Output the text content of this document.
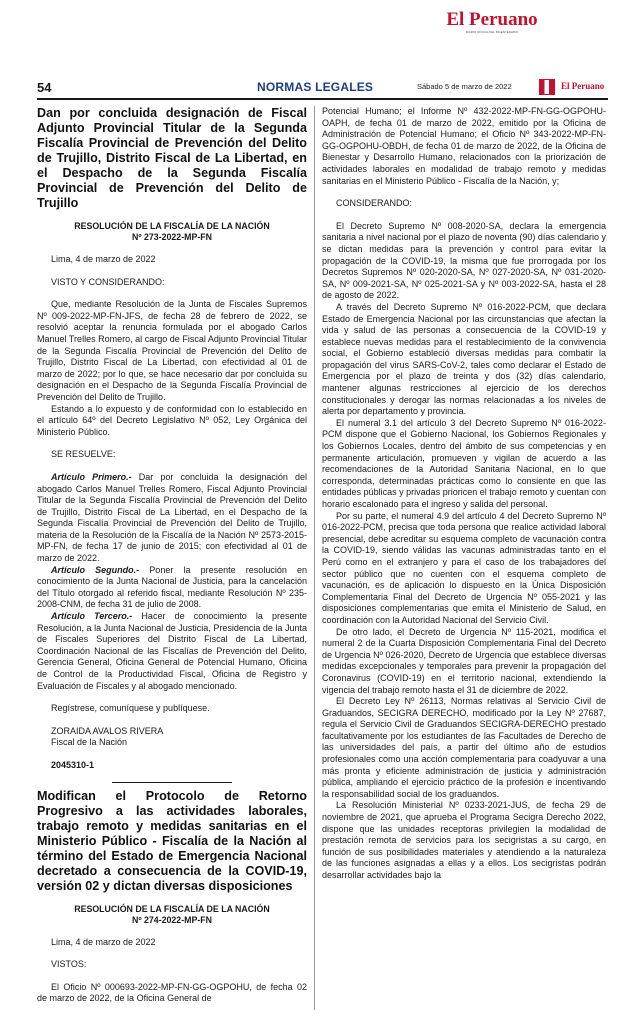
El Peruano
DIARIO OFICIAL DEL BICENTENARIO
54	NORMAS LEGALES	Sábado 5 de marzo de 2022	El Peruano
Dan por concluida designación de Fiscal Adjunto Provincial Titular de la Segunda Fiscalía Provincial de Prevención del Delito de Trujillo, Distrito Fiscal de La Libertad, en el Despacho de la Segunda Fiscalía Provincial de Prevención del Delito de Trujillo
RESOLUCIÓN DE LA FISCALÍA DE LA NACIÓN
Nº 273-2022-MP-FN

Lima, 4 de marzo de 2022

VISTO Y CONSIDERANDO:

Que, mediante Resolución de la Junta de Fiscales Supremos Nº 009-2022-MP-FN-JFS, de fecha 28 de febrero de 2022, se resolvió aceptar la renuncia formulada por el abogado Carlos Manuel Trelles Romero, al cargo de Fiscal Adjunto Provincial Titular de la Segunda Fiscalía Provincial de Prevención del Delito de Trujillo, Distrito Fiscal de La Libertad, con efectividad al 01 de marzo de 2022; por lo que, se hace necesario dar por concluida su designación en el Despacho de la Segunda Fiscalía Provincial de Prevención del Delito de Trujillo.

Estando a lo expuesto y de conformidad con lo establecido en el artículo 64º del Decreto Legislativo Nº 052, Ley Orgánica del Ministerio Público.

SE RESUELVE:

Artículo Primero.- Dar por concluida la designación del abogado Carlos Manuel Trelles Romero, Fiscal Adjunto Provincial Titular de la Segunda Fiscalía Provincial de Prevención del Delito de Trujillo, Distrito Fiscal de La Libertad, en el Despacho de la Segunda Fiscalía Provincial de Prevención del Delito de Trujillo, materia de la Resolución de la Fiscalía de la Nación Nº 2573-2015-MP-FN, de fecha 17 de junio de 2015; con efectividad al 01 de marzo de 2022.

Artículo Segundo.- Poner la presente resolución en conocimiento de la Junta Nacional de Justicia, para la cancelación del Título otorgado al referido fiscal, mediante Resolución Nº 235-2008-CNM, de fecha 31 de julio de 2008.

Artículo Tercero.- Hacer de conocimiento la presente Resolución, a la Junta Nacional de Justicia, Presidencia de la Junta de Fiscales Superiores del Distrito Fiscal de La Libertad, Coordinación Nacional de las Fiscalías de Prevención del Delito, Gerencia General, Oficina General de Potencial Humano, Oficina de Control de la Productividad Fiscal, Oficina de Registro y Evaluación de Fiscales y al abogado mencionado.

Regístrese, comuníquese y publíquese.

ZORAIDA AVALOS RIVERA

Fiscal de la Nación

2045310-1

Modifican el Protocolo de Retorno Progresivo a las actividades laborales, trabajo remoto y medidas sanitarias en el Ministerio Público - Fiscalía de la Nación al término del Estado de Emergencia Nacional decretado a consecuencia de la COVID-19, versión 02 y dictan diversas disposiciones
RESOLUCIÓN DE LA FISCALÍA DE LA NACIÓN
Nº 274-2022-MP-FN

Lima, 4 de marzo de 2022

VISTOS:

El Oficio Nº 000693-2022-MP-FN-GG-OGPOHU, de fecha 02 de marzo de 2022, de la Oficina General de

Potencial Humano; el Informe Nº 432-2022-MP-FN-GG-OGPOHU-OAPH, de fecha 01 de marzo de 2022, emitido por la Oficina de Administración de Potencial Humano; el Oficio Nº 343-2022-MP-FN-GG-OGPOHU-OBDH, de fecha 01 de marzo de 2022, de la Oficina de Bienestar y Desarrollo Humano, relacionados con la priorización de actividades laborales en modalidad de trabajo remoto y medidas sanitarias en el Ministerio Público - Fiscalía de la Nación, y;

CONSIDERANDO:

El Decreto Supremo Nº 008-2020-SA, declara la emergencia sanitaria a nivel nacional por el plazo de noventa (90) días calendario y se dictan medidas para la prevención y control para evitar la propagación de la COVID-19, la misma que fue prorrogada por los Decretos Supremos Nº 020-2020-SA, Nº 027-2020-SA, Nº 031-2020-SA, Nº 009-2021-SA, Nº 025-2021-SA y Nº 003-2022-SA, hasta el 28 de agosto de 2022.

A través del Decreto Supremo Nº 016-2022-PCM, que declara Estado de Emergencia Nacional por las circunstancias que afectan la vida y salud de las personas a consecuencia de la COVID-19 y establece nuevas medidas para el restablecimiento de la convivencia social, el Gobierno estableció diversas medidas para combatir la propagación del virus SARS-CoV-2, tales como declarar el Estado de Emergencia por el plazo de treinta y dos (32) días calendario, mantener algunas restricciones al ejercicio de los derechos constitucionales y derogar las normas relacionadas a los niveles de alerta por departamento y provincia.

El numeral 3.1 del artículo 3 del Decreto Supremo Nº 016-2022-PCM dispone que el Gobierno Nacional, los Gobiernos Regionales y los Gobiernos Locales, dentro del ámbito de sus competencias y en permanente articulación, promueven y vigilan de acuerdo a las recomendaciones de la Autoridad Sanitaria Nacional, en lo que corresponda, determinadas prácticas como lo consiente en que las entidades públicas y privadas prioricen el trabajo remoto y cuentan con horario escalonado para el ingreso y salida del personal.

Por su parte, el numeral 4.9 del artículo 4 del Decreto Supremo Nº 016-2022-PCM, precisa que toda persona que realice actividad laboral presencial, debe acreditar su esquema completo de vacunación contra la COVID-19, siendo válidas las vacunas administradas tanto en el Perú como en el extranjero y para el caso de los trabajadores del sector público que no cuenten con el esquema completo de vacunación, es de aplicación lo dispuesto en la Única Disposición Complementaria Final del Decreto de Urgencia Nº 055-2021 y las disposiciones complementarias que emita el Ministerio de Salud, en coordinación con la Autoridad Nacional del Servicio Civil.

De otro lado, el Decreto de Urgencia Nº 115-2021, modifica el numeral 2 de la Cuarta Disposición Complementaria Final del Decreto de Urgencia Nº 026-2020, Decreto de Urgencia que establece diversas medidas excepcionales y temporales para prevenir la propagación del Coronavirus (COVID-19) en el territorio nacional, extendiendo la vigencia del trabajo remoto hasta el 31 de diciembre de 2022.

El Decreto Ley Nº 26113, Normas relativas al Servicio Civil de Graduandos, SECIGRA DERECHO, modificado por la Ley Nº 27687, regula el Servicio Civil de Graduandos SECIGRA-DERECHO prestado facultativamente por los estudiantes de las Facultades de Derecho de las universidades del país, a partir del último año de estudios profesionales como una acción complementaria para coadyuvar a una más pronta y eficiente administración de justicia y administración pública, ampliando el ejercicio práctico de la profesión e incentivando la responsabilidad social de los graduandos.

La Resolución Ministerial Nº 0233-2021-JUS, de fecha 29 de noviembre de 2021, que aprueba el Programa Secigra Derecho 2022, dispone que las unidades receptoras privilegien la modalidad de prestación remota de servicios para los secigristas a su cargo, en función de sus posibilidades materiales y atendiendo a la naturaleza de las funciones asignadas a ellas y a ellos. Los secigristas podrán desarrollar actividades bajo la
